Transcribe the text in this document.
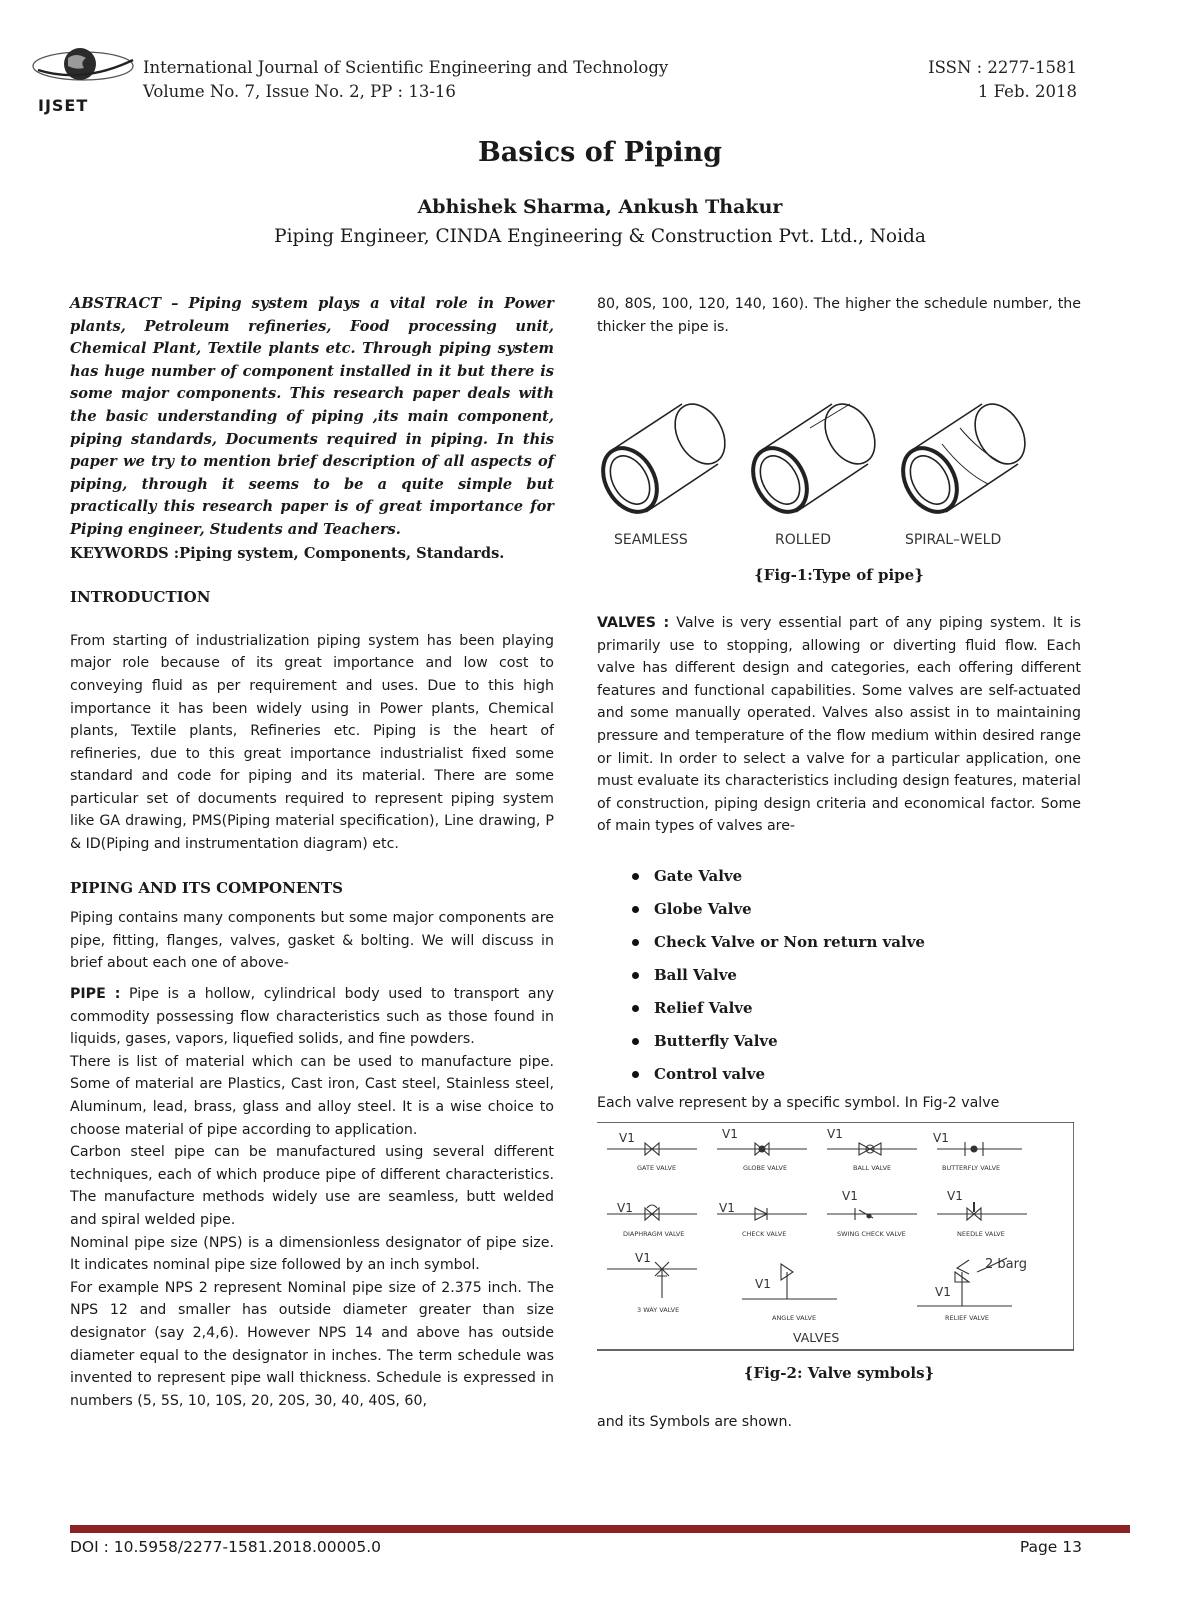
IJSET
International Journal of Scientific Engineering and Technology
Volume No. 7, Issue No. 2, PP : 13-16
ISSN : 2277-1581
1 Feb. 2018
Basics of Piping
Abhishek Sharma, Ankush Thakur
Piping Engineer, CINDA Engineering & Construction Pvt. Ltd., Noida

ABSTRACT – Piping system plays a vital role in Power plants, Petroleum refineries, Food processing unit, Chemical Plant, Textile plants etc. Through piping system has huge number of component installed in it but there is some major components. This research paper deals with the basic understanding of piping ,its main component, piping standards, Documents required in piping. In this paper we try to mention brief description of all aspects of piping, through it seems to be a quite simple but practically this research paper is of great importance for Piping engineer, Students and Teachers.

KEYWORDS :Piping system, Components, Standards.

INTRODUCTION

From starting of industrialization piping system has been playing major role because of its great importance and low cost to conveying fluid as per requirement and uses. Due to this high importance it has been widely using in Power plants, Chemical plants, Textile plants, Refineries etc. Piping is the heart of refineries, due to this great importance industrialist fixed some standard and code for piping and its material. There are some particular set of documents required to represent piping system like GA drawing, PMS(Piping material specification), Line drawing, P & ID(Piping and instrumentation diagram) etc.

PIPING AND ITS COMPONENTS

Piping contains many components but some major components are pipe, fitting, flanges, valves, gasket & bolting. We will discuss in brief about each one of above-

PIPE : Pipe is a hollow, cylindrical body used to transport any commodity possessing flow characteristics such as those found in liquids, gases, vapors, liquefied solids, and fine powders.

There is list of material which can be used to manufacture pipe. Some of material are Plastics, Cast iron, Cast steel, Stainless steel, Aluminum, lead, brass, glass and alloy steel. It is a wise choice to choose material of pipe according to application.

Carbon steel pipe can be manufactured using several different techniques, each of which produce pipe of different characteristics. The manufacture methods widely use are seamless, butt welded and spiral welded pipe.

Nominal pipe size (NPS) is a dimensionless designator of pipe size. It indicates nominal pipe size followed by an inch symbol.

For example NPS 2 represent Nominal pipe size of 2.375 inch. The NPS 12 and smaller has outside diameter greater than size designator (say 2,4,6). However NPS 14 and above has outside diameter equal to the designator in inches. The term schedule was invented to represent pipe wall thickness. Schedule is expressed in numbers (5, 5S, 10, 10S, 20, 20S, 30, 40, 40S, 60,

80, 80S, 100, 120, 140, 160). The higher the schedule number, the thicker the pipe is.
SEAMLESS	ROLLED	SPIRAL–WELD
{Fig-1:Type of pipe}
VALVES : Valve is very essential part of any piping system. It is primarily use to stopping, allowing or diverting fluid flow. Each valve has different design and categories, each offering different features and functional capabilities. Some valves are self-actuated and some manually operated. Valves also assist in to maintaining pressure and temperature of the flow medium within desired range or limit. In order to select a valve for a particular application, one must evaluate its characteristics including design features, material of construction, piping design criteria and economical factor. Some of main types of valves are-
Gate Valve
Globe Valve
Check Valve or Non return valve
Ball Valve
Relief Valve
Butterfly Valve
Control valve
Each valve represent by a specific symbol. In Fig-2 valve
V1	V1	V1	V1
V1	V1
V1	V1
V1
V1
V1
2 barg
VALVES
GATE VALVE	GLOBE VALVE	BALL VALVE	BUTTERFLY VALVE
DIAPHRAGM VALVE	CHECK VALVE	SWING CHECK VALVE	NEEDLE VALVE
3 WAY VALVE
ANGLE VALVE	RELIEF VALVE
{Fig-2: Valve symbols}
and its Symbols are shown.
DOI : 10.5958/2277-1581.2018.00005.0	Page 13
